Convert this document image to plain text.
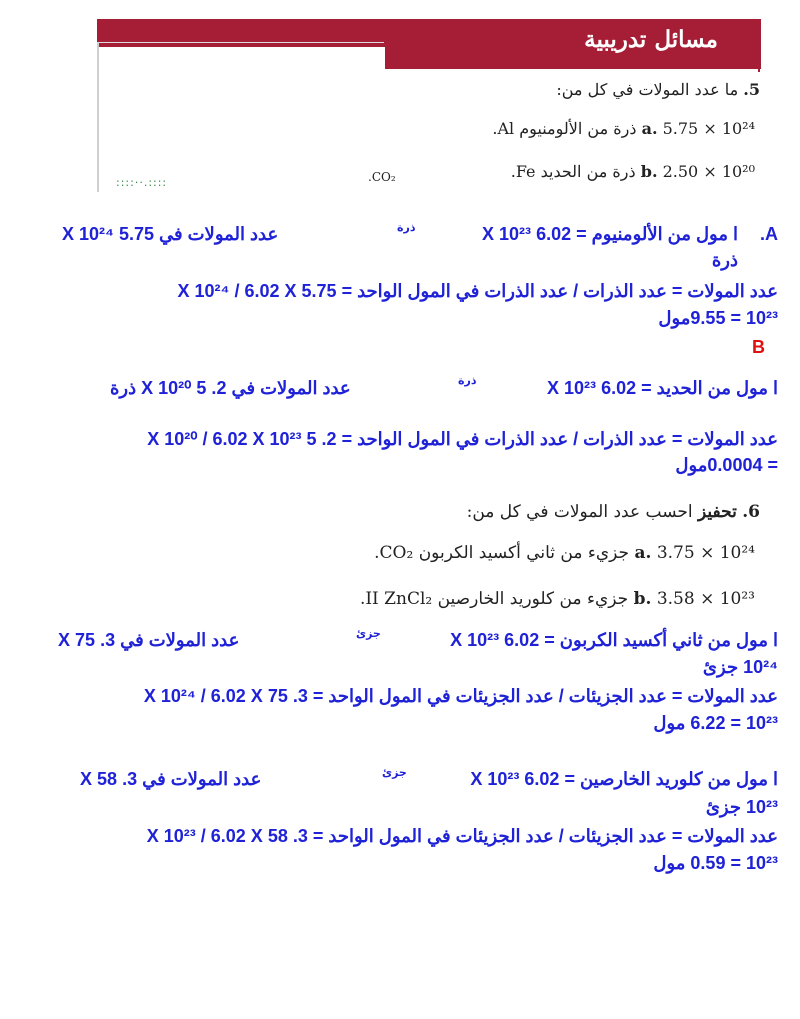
مسائل تدريبية
5. ما عدد المولات في كل من:
a. 5.75 × 10²⁴ ذرة من الألومنيوم Al.
b. 2.50 × 10²⁰ ذرة من الحديد Fe.
.CO₂
::::··.::::
A.
ا مول من الألومنيوم = 6.02 X 10²³
ذرة
عدد المولات في 5.75 X 10²⁴
ذرة
عدد المولات = عدد الذرات / عدد الذرات في المول الواحد = 5.75 X 10²⁴ / 6.02 X
10²³ = 9.55مول
B
ا مول من الحديد = 6.02 X 10²³
ذرة
عدد المولات في 2. 5 X 10²⁰ ذرة
عدد المولات = عدد الذرات / عدد الذرات في المول الواحد = 2. 5 X 10²⁰ / 6.02 X 10²³
= 0.0004مول
6. تحفيز احسب عدد المولات في كل من:
a. 3.75 × 10²⁴ جزيء من ثاني أكسيد الكربون CO₂.
b. 3.58 × 10²³ جزيء من كلوريد الخارصين II ZnCl₂.
ا مول من ثاني أكسيد الكربون = 6.02 X 10²³
جزئ
عدد المولات في 3. 75 X
10²⁴ جزئ
عدد المولات = عدد الجزيئات / عدد الجزيئات في المول الواحد = 3. 75 X 10²⁴ / 6.02 X
10²³ = 6.22 مول
ا مول من كلوريد الخارصين = 6.02 X 10²³
جزئ
عدد المولات في 3. 58 X
10²³ جزئ
عدد المولات = عدد الجزيئات / عدد الجزيئات في المول الواحد = 3. 58 X 10²³ / 6.02 X
10²³ = 0.59 مول
